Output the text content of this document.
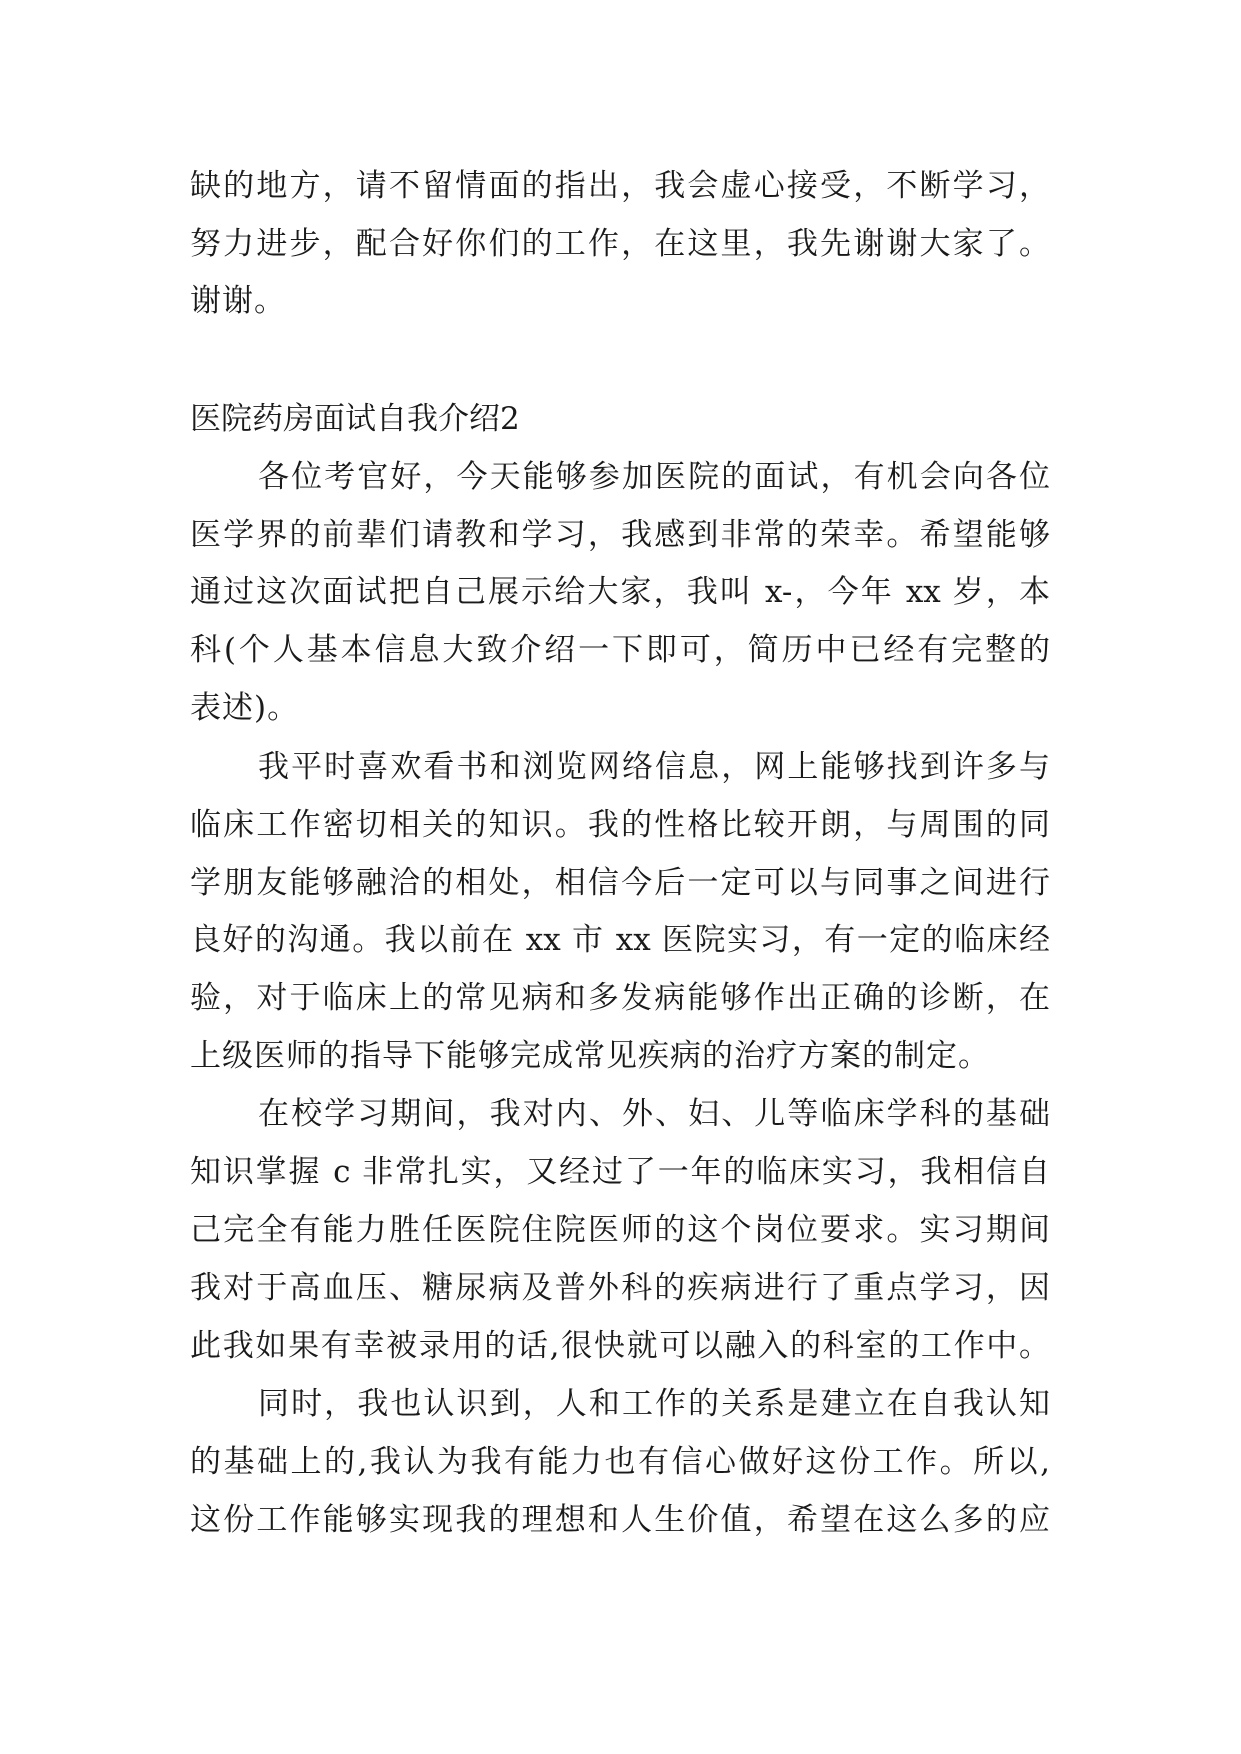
缺的地方，请不留情面的指出，我会虚心接受，不断学习，

努力进步，配合好你们的工作，在这里，我先谢谢大家了。

谢谢。

医院药房面试自我介绍2

各位考官好，今天能够参加医院的面试，有机会向各位

医学界的前辈们请教和学习，我感到非常的荣幸。希望能够

通过这次面试把自己展示给大家，我叫 x-，今年 xx 岁，本

科(个人基本信息大致介绍一下即可，简历中已经有完整的

表述)。

我平时喜欢看书和浏览网络信息，网上能够找到许多与

临床工作密切相关的知识。我的性格比较开朗，与周围的同

学朋友能够融洽的相处，相信今后一定可以与同事之间进行

良好的沟通。我以前在 xx 市 xx 医院实习，有一定的临床经

验，对于临床上的常见病和多发病能够作出正确的诊断，在

上级医师的指导下能够完成常见疾病的治疗方案的制定。

在校学习期间，我对内、外、妇、儿等临床学科的基础

知识掌握 c 非常扎实，又经过了一年的临床实习，我相信自

己完全有能力胜任医院住院医师的这个岗位要求。实习期间

我对于高血压、糖尿病及普外科的疾病进行了重点学习，因

此我如果有幸被录用的话,很快就可以融入的科室的工作中。

同时，我也认识到，人和工作的关系是建立在自我认知

的基础上的,我认为我有能力也有信心做好这份工作。所以,

这份工作能够实现我的理想和人生价值，希望在这么多的应
